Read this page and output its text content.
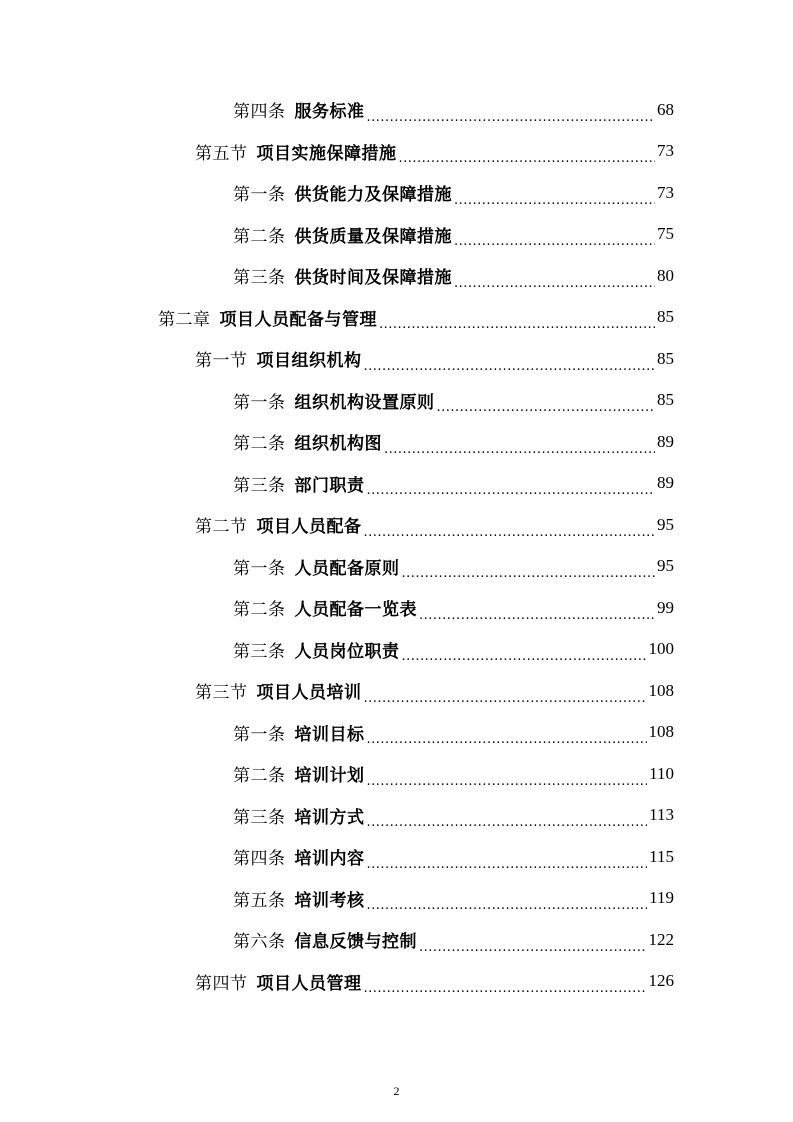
第四条 服务标准 .....	68
第五节 项目实施保障措施 .....	73
第一条 供货能力及保障措施 .....	73
第二条 供货质量及保障措施 .....	75
第三条 供货时间及保障措施 .....	80
第二章 项目人员配备与管理 .....	85
第一节 项目组织机构 .....	85
第一条 组织机构设置原则 .....	85
第二条 组织机构图 .....	89
第三条 部门职责 .....	89
第二节 项目人员配备 .....	95
第一条 人员配备原则 .....	95
第二条 人员配备一览表 .....	99
第三条 人员岗位职责 .....	100
第三节 项目人员培训 .....	108
第一条 培训目标 .....	108
第二条 培训计划 .....	110
第三条 培训方式 .....	113
第四条 培训内容 .....	115
第五条 培训考核 .....	119
第六条 信息反馈与控制 .....	122
第四节 项目人员管理 .....	126
2
